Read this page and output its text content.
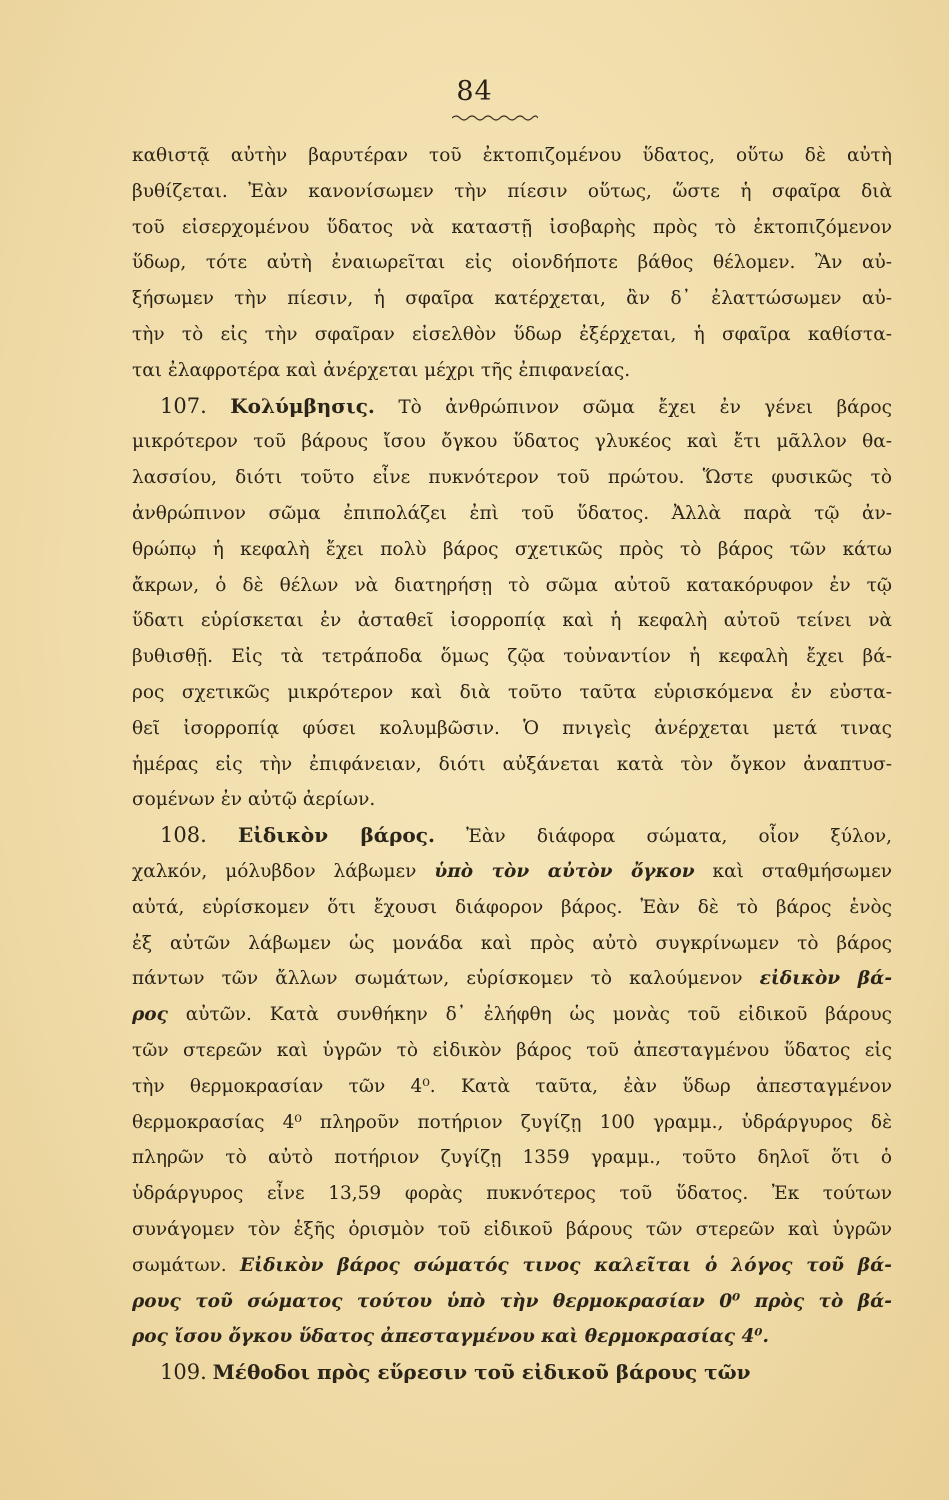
84
καθιστᾷ αὐτὴν βαρυτέραν τοῦ ἐκτοπιζομένου ὕδατος, οὕτω δὲ αὐτὴ
βυθίζεται. Ἐὰν κανονίσωμεν τὴν πίεσιν οὕτως, ὥστε ἡ σφαῖρα διὰ
τοῦ εἰσερχομένου ὕδατος νὰ καταστῇ ἰσοβαρὴς πρὸς τὸ ἐκτοπιζόμενον
ὕδωρ, τότε αὐτὴ ἐναιωρεῖται εἰς οἱονδήποτε βάθος θέλομεν. Ἂν αὐ-
ξήσωμεν τὴν πίεσιν, ἡ σφαῖρα κατέρχεται, ἂν δ᾿ ἐλαττώσωμεν αὐ-
τὴν τὸ εἰς τὴν σφαῖραν εἰσελθὸν ὕδωρ ἐξέρχεται, ἡ σφαῖρα καθίστα-
ται ἐλαφροτέρα καὶ ἀνέρχεται μέχρι τῆς ἐπιφανείας.
107. Κολύμβησις. Τὸ ἀνθρώπινον σῶμα ἔχει ἐν γένει βάρος
μικρότερον τοῦ βάρους ἴσου ὄγκου ὕδατος γλυκέος καὶ ἔτι μᾶλλον θα-
λασσίου, διότι τοῦτο εἶνε πυκνότερον τοῦ πρώτου. Ὥστε φυσικῶς τὸ
ἀνθρώπινον σῶμα ἐπιπολάζει ἐπὶ τοῦ ὕδατος. Ἀλλὰ παρὰ τῷ ἀν-
θρώπῳ ἡ κεφαλὴ ἔχει πολὺ βάρος σχετικῶς πρὸς τὸ βάρος τῶν κάτω
ἄκρων, ὁ δὲ θέλων νὰ διατηρήσῃ τὸ σῶμα αὐτοῦ κατακόρυφον ἐν τῷ
ὕδατι εὑρίσκεται ἐν ἀσταθεῖ ἰσορροπίᾳ καὶ ἡ κεφαλὴ αὐτοῦ τείνει νὰ
βυθισθῇ. Εἰς τὰ τετράποδα ὅμως ζῷα τοὐναντίον ἡ κεφαλὴ ἔχει βά-
ρος σχετικῶς μικρότερον καὶ διὰ τοῦτο ταῦτα εὑρισκόμενα ἐν εὐστα-
θεῖ ἰσορροπίᾳ φύσει κολυμβῶσιν. Ὁ πνιγεὶς ἀνέρχεται μετά τινας
ἡμέρας εἰς τὴν ἐπιφάνειαν, διότι αὐξάνεται κατὰ τὸν ὄγκον ἀναπτυσ-
σομένων ἐν αὐτῷ ἀερίων.
108. Εἰδικὸν βάρος. Ἐὰν διάφορα σώματα, οἷον ξύλον,
χαλκόν, μόλυβδον λάβωμεν ὑπὸ τὸν αὐτὸν ὄγκον καὶ σταθμήσωμεν
αὐτά, εὑρίσκομεν ὅτι ἔχουσι διάφορον βάρος. Ἐὰν δὲ τὸ βάρος ἑνὸς
ἐξ αὐτῶν λάβωμεν ὡς μονάδα καὶ πρὸς αὐτὸ συγκρίνωμεν τὸ βάρος
πάντων τῶν ἄλλων σωμάτων, εὑρίσκομεν τὸ καλούμενον εἰδικὸν βά-
ρος αὐτῶν. Κατὰ συνθήκην δ᾿ ἐλήφθη ὡς μονὰς τοῦ εἰδικοῦ βάρους
τῶν στερεῶν καὶ ὑγρῶν τὸ εἰδικὸν βάρος τοῦ ἀπεσταγμένου ὕδατος εἰς
τὴν θερμοκρασίαν τῶν 4⁰. Κατὰ ταῦτα, ἐὰν ὕδωρ ἀπεσταγμένον
θερμοκρασίας 4⁰ πληροῦν ποτήριον ζυγίζῃ 100 γραμμ., ὑδράργυρος δὲ
πληρῶν τὸ αὐτὸ ποτήριον ζυγίζῃ 1359 γραμμ., τοῦτο δηλοῖ ὅτι ὁ
ὑδράργυρος εἶνε 13,59 φορὰς πυκνότερος τοῦ ὕδατος. Ἐκ τούτων
συνάγομεν τὸν ἑξῆς ὁρισμὸν τοῦ εἰδικοῦ βάρους τῶν στερεῶν καὶ ὑγρῶν
σωμάτων. Εἰδικὸν βάρος σώματός τινος καλεῖται ὁ λόγος τοῦ βά-
ρους τοῦ σώματος τούτου ὑπὸ τὴν θερμοκρασίαν 0⁰ πρὸς τὸ βά-
ρος ἴσου ὄγκου ὕδατος ἀπεσταγμένου καὶ θερμοκρασίας 4⁰.
109. Μέθοδοι πρὸς εὕρεσιν τοῦ εἰδικοῦ βάρους τῶν
